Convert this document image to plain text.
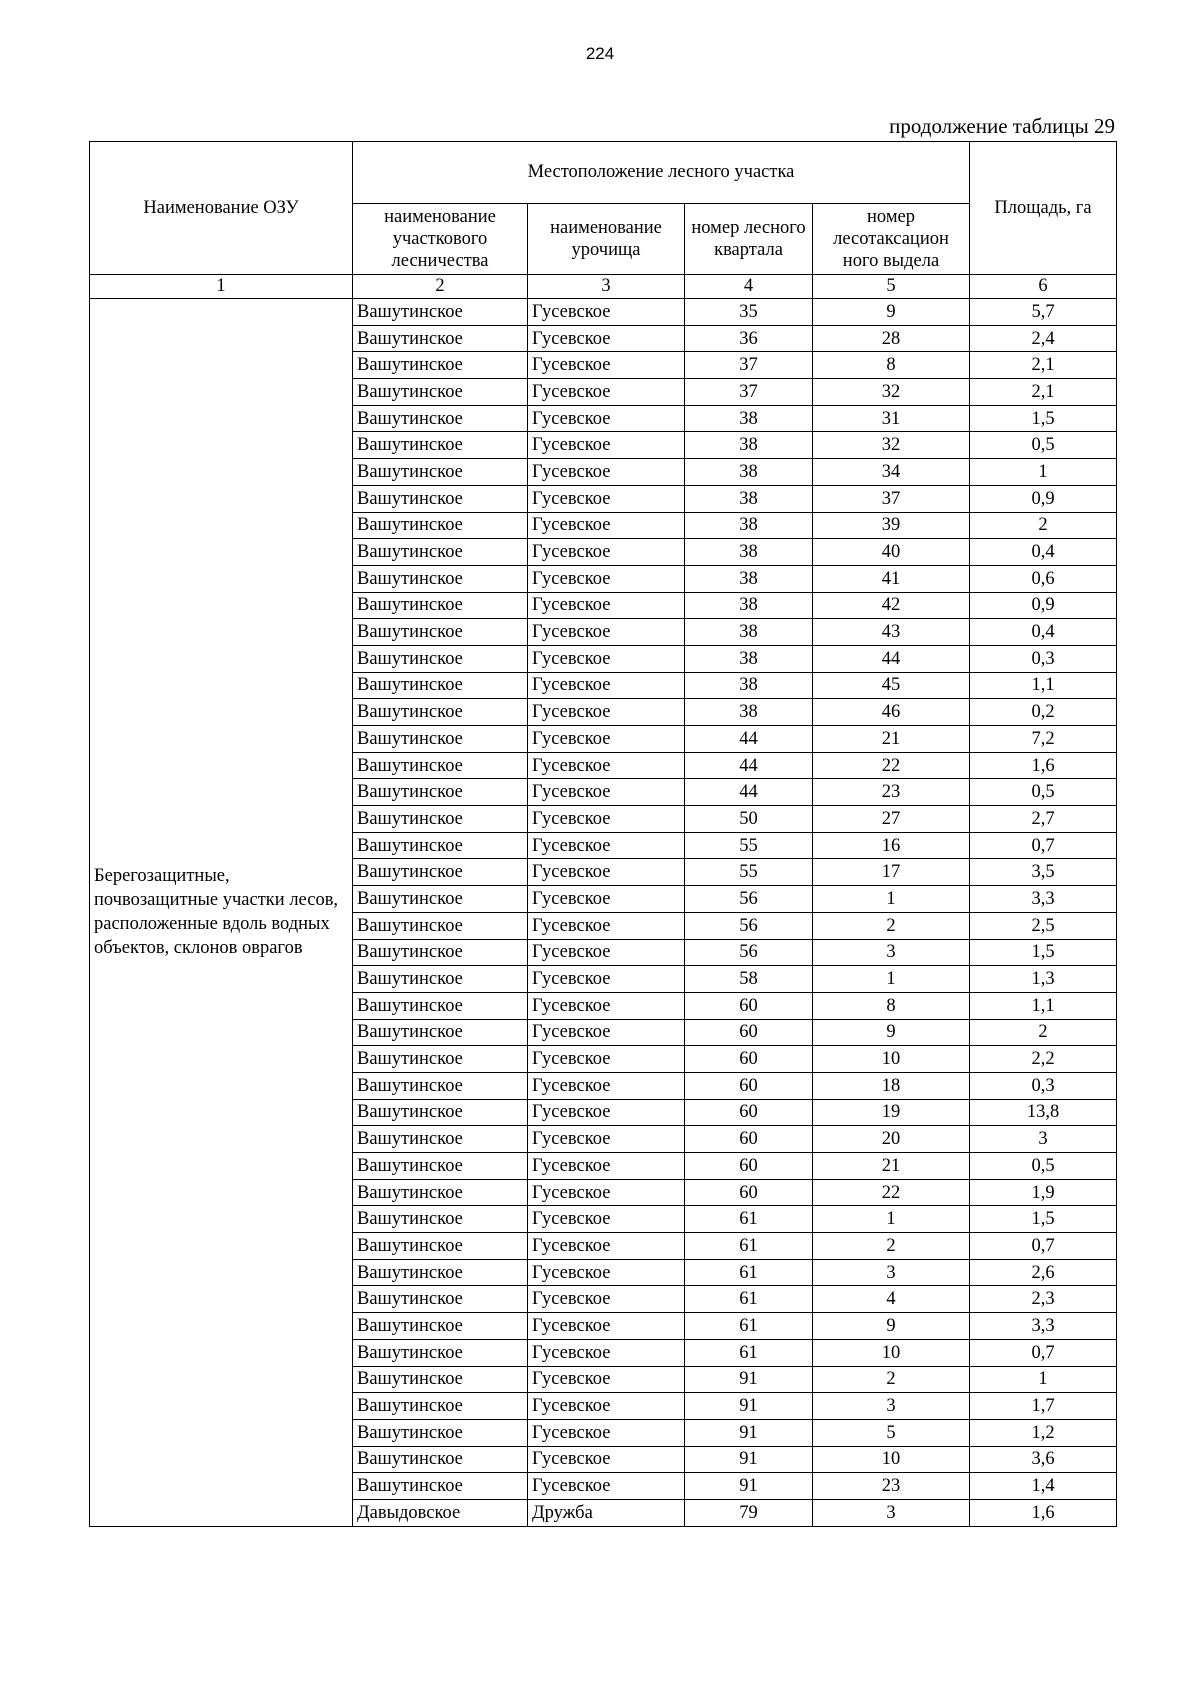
224
продолжение таблицы 29
Наименование ОЗУ	Местоположение лесного участка				Площадь, га
	наименование участкового лесничества	наименование урочища	номер лесного квартала	номер лесотаксацион ного выдела	
1	2	3	4	5	6
Берегозащитные, почвозащитные участки лесов, расположенные вдоль водных объектов, склонов оврагов	Вашутинское	Гусевское	35	9	5,7
	Вашутинское	Гусевское	36	28	2,4
	Вашутинское	Гусевское	37	8	2,1
	Вашутинское	Гусевское	37	32	2,1
	Вашутинское	Гусевское	38	31	1,5
	Вашутинское	Гусевское	38	32	0,5
	Вашутинское	Гусевское	38	34	1
	Вашутинское	Гусевское	38	37	0,9
	Вашутинское	Гусевское	38	39	2
	Вашутинское	Гусевское	38	40	0,4
	Вашутинское	Гусевское	38	41	0,6
	Вашутинское	Гусевское	38	42	0,9
	Вашутинское	Гусевское	38	43	0,4
	Вашутинское	Гусевское	38	44	0,3
	Вашутинское	Гусевское	38	45	1,1
	Вашутинское	Гусевское	38	46	0,2
	Вашутинское	Гусевское	44	21	7,2
	Вашутинское	Гусевское	44	22	1,6
	Вашутинское	Гусевское	44	23	0,5
	Вашутинское	Гусевское	50	27	2,7
	Вашутинское	Гусевское	55	16	0,7
	Вашутинское	Гусевское	55	17	3,5
	Вашутинское	Гусевское	56	1	3,3
	Вашутинское	Гусевское	56	2	2,5
	Вашутинское	Гусевское	56	3	1,5
	Вашутинское	Гусевское	58	1	1,3
	Вашутинское	Гусевское	60	8	1,1
	Вашутинское	Гусевское	60	9	2
	Вашутинское	Гусевское	60	10	2,2
	Вашутинское	Гусевское	60	18	0,3
	Вашутинское	Гусевское	60	19	13,8
	Вашутинское	Гусевское	60	20	3
	Вашутинское	Гусевское	60	21	0,5
	Вашутинское	Гусевское	60	22	1,9
	Вашутинское	Гусевское	61	1	1,5
	Вашутинское	Гусевское	61	2	0,7
	Вашутинское	Гусевское	61	3	2,6
	Вашутинское	Гусевское	61	4	2,3
	Вашутинское	Гусевское	61	9	3,3
	Вашутинское	Гусевское	61	10	0,7
	Вашутинское	Гусевское	91	2	1
	Вашутинское	Гусевское	91	3	1,7
	Вашутинское	Гусевское	91	5	1,2
	Вашутинское	Гусевское	91	10	3,6
	Вашутинское	Гусевское	91	23	1,4
	Давыдовское	Дружба	79	3	1,6
